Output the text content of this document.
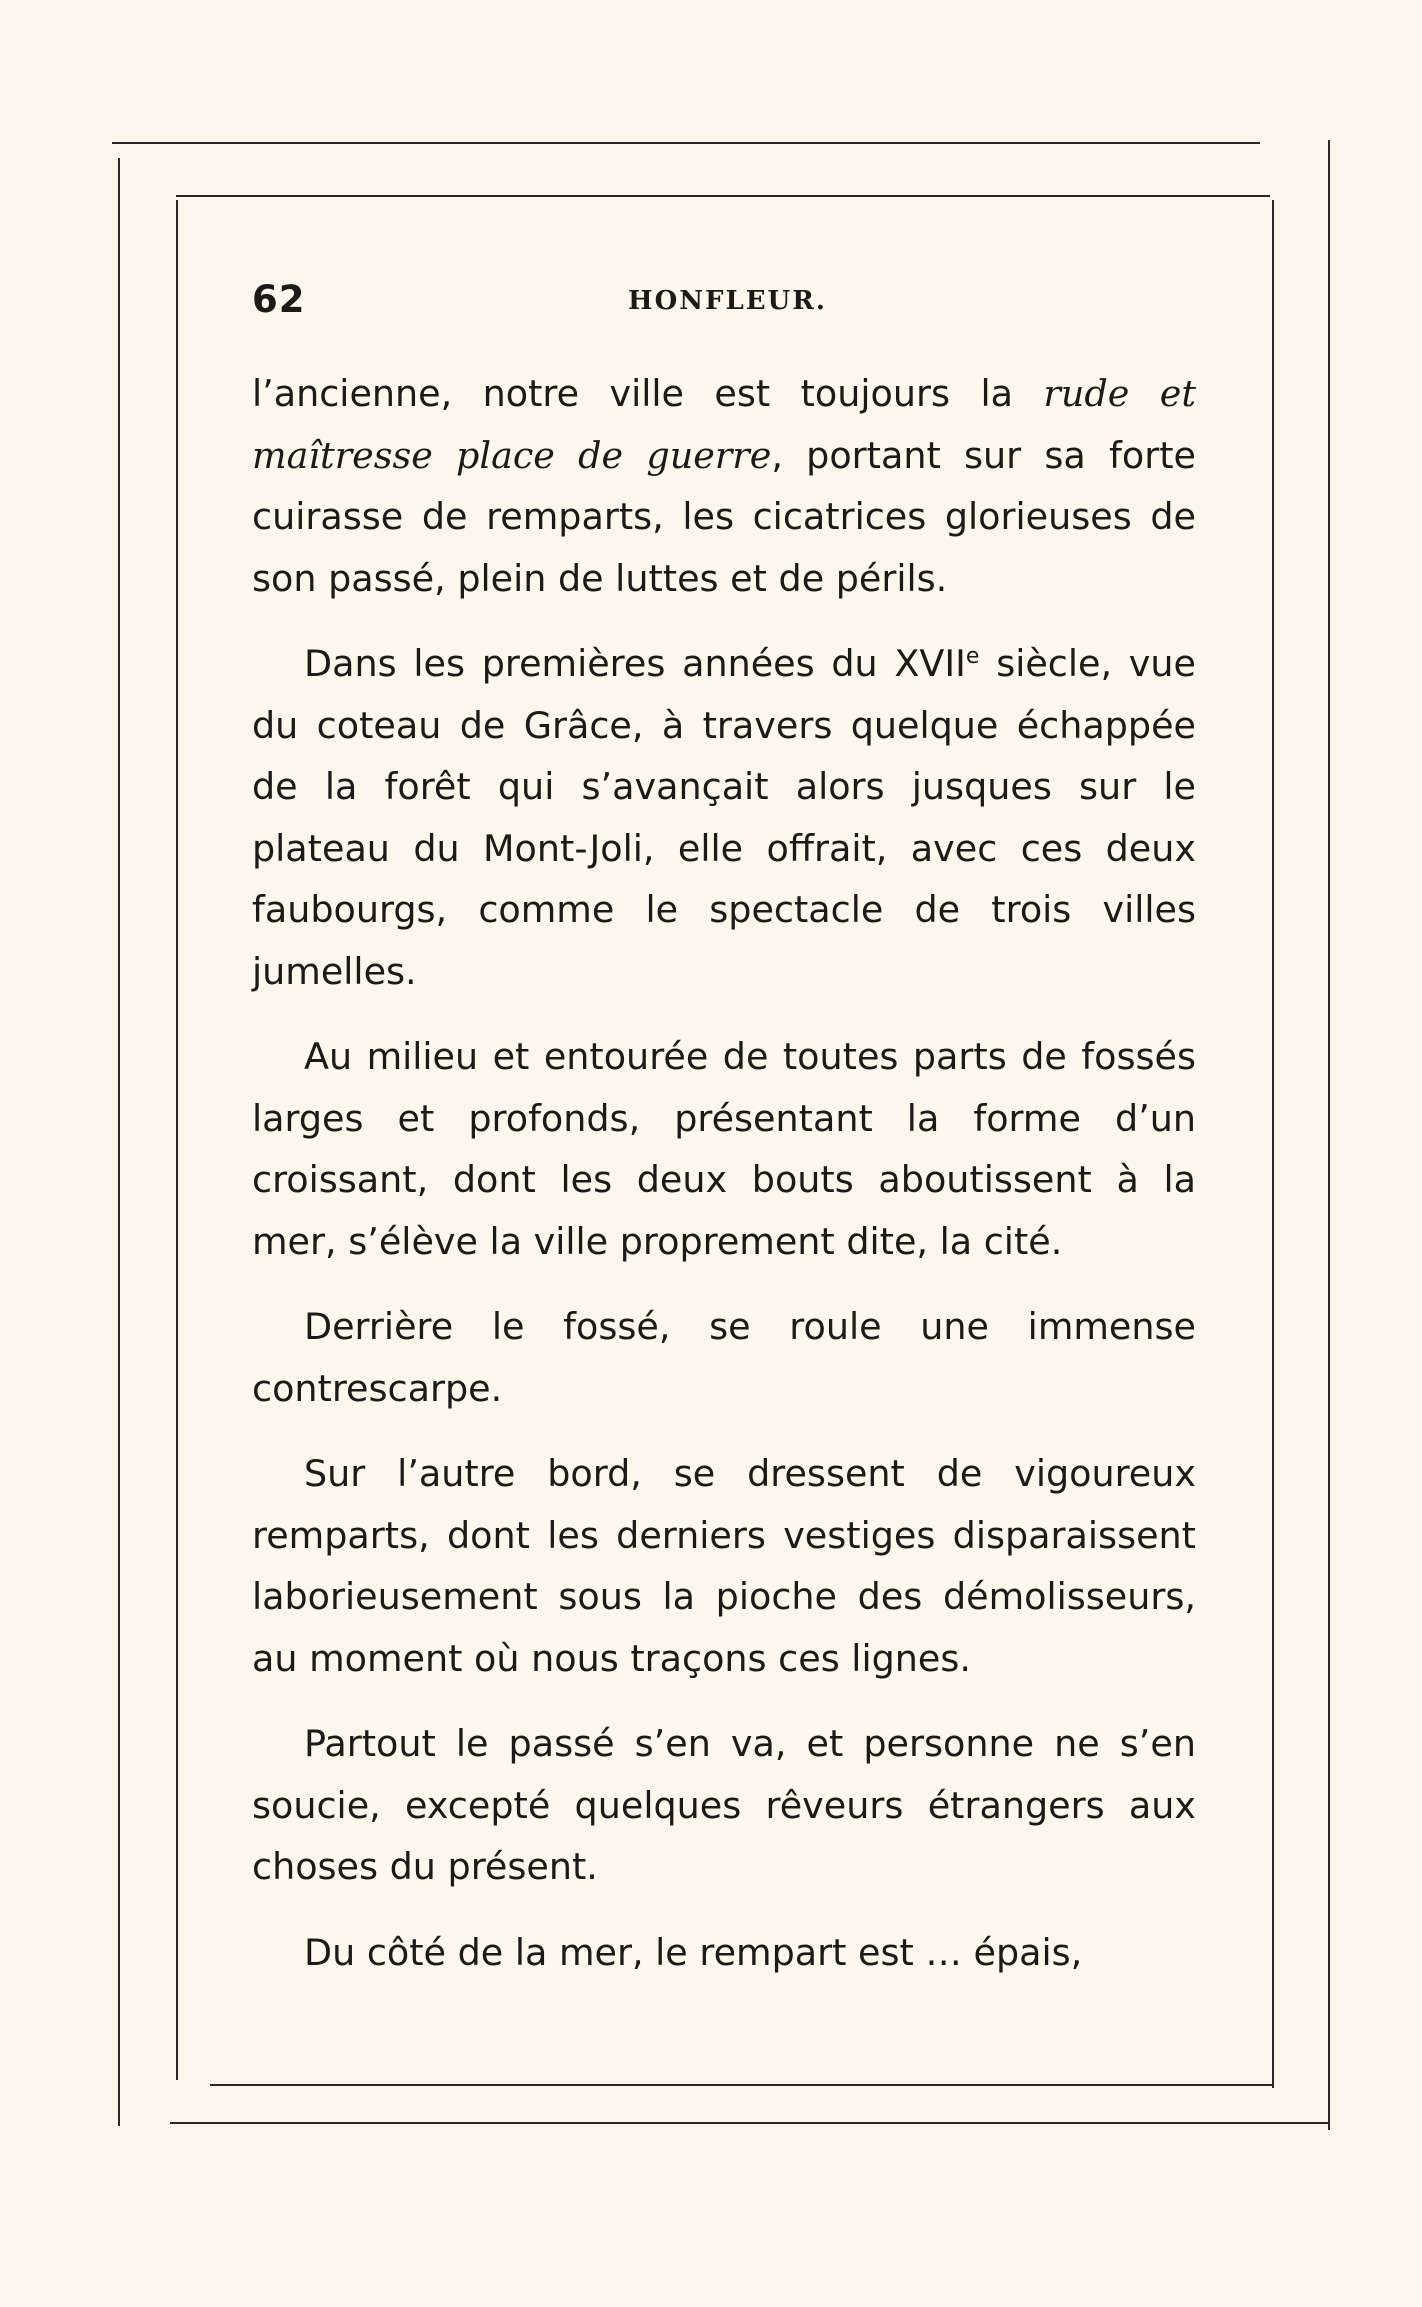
62	HONFLEUR.

l’ancienne, notre ville est toujours la rude et maîtresse place de guerre, portant sur sa forte cuirasse de remparts, les cicatrices glorieuses de son passé, plein de luttes et de périls.

Dans les premières années du XVIIe siècle, vue du coteau de Grâce, à travers quelque échappée de la forêt qui s’avançait alors jusques sur le plateau du Mont-Joli, elle offrait, avec ces deux faubourgs, comme le spectacle de trois villes jumelles.

Au milieu et entourée de toutes parts de fossés larges et profonds, présentant la forme d’un croissant, dont les deux bouts aboutissent à la mer, s’élève la ville proprement dite, la cité.

Derrière le fossé, se roule une immense contrescarpe.

Sur l’autre bord, se dressent de vigoureux remparts, dont les derniers vestiges disparaissent laborieusement sous la pioche des démolisseurs, au moment où nous traçons ces lignes.

Partout le passé s’en va, et personne ne s’en soucie, excepté quelques rêveurs étrangers aux choses du présent.

Du côté de la mer, le rempart est … épais,
